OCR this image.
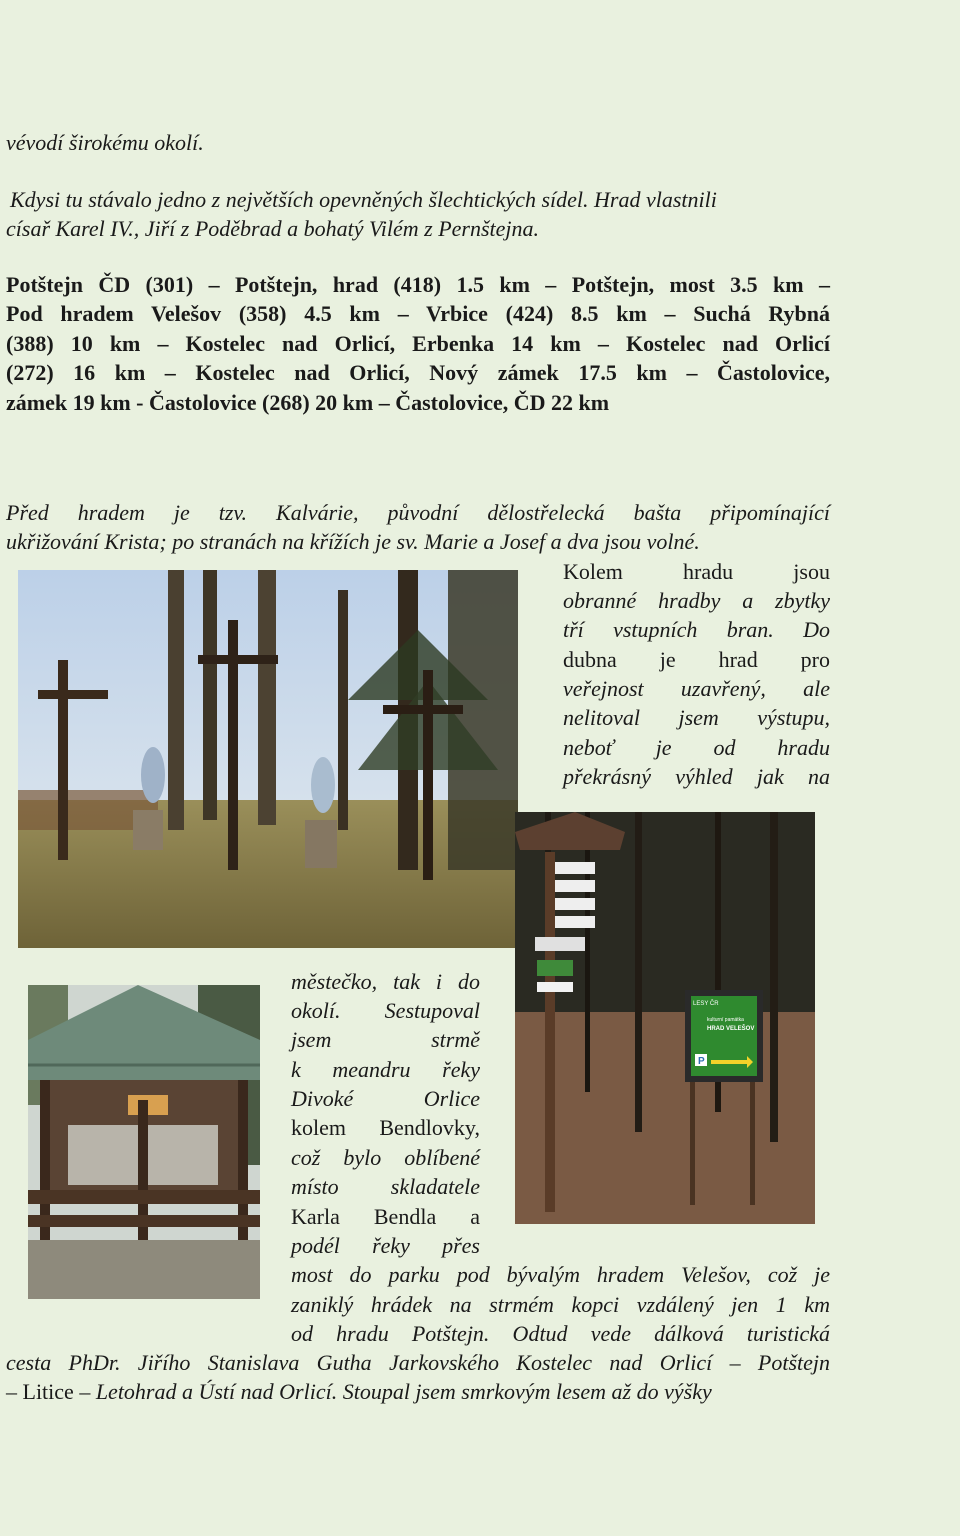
vévodí širokému okolí.
Kdysi tu stávalo jedno z největších opevněných šlechtických sídel. Hrad vlastnili
císař Karel IV., Jiří z Poděbrad a bohatý Vilém z Pernštejna.
Potštejn ČD (301) – Potštejn, hrad (418) 1.5 km – Potštejn, most 3.5 km –
Pod hradem Velešov (358) 4.5 km – Vrbice (424) 8.5 km – Suchá Rybná
(388) 10 km – Kostelec nad Orlicí, Erbenka 14 km – Kostelec nad Orlicí
(272) 16 km – Kostelec nad Orlicí, Nový zámek 17.5 km – Častolovice,
zámek 19 km - Častolovice (268) 20 km – Častolovice, ČD 22 km
Před hradem je tzv. Kalvárie, původní dělostřelecká bašta připomínající
ukřižování Krista; po stranách na křížích je sv. Marie a Josef a dva jsou volné.
Kolem hradu jsou
obranné hradby a zbytky
tří vstupních bran. Do
dubna je hrad pro
veřejnost uzavřený, ale
nelitoval jsem výstupu,
neboť je od hradu
překrásný výhled jak na
městečko, tak i do
okolí. Sestupoval
jsem strmě
k meandru řeky
Divoké Orlice
kolem Bendlovky,
což bylo oblíbené
místo skladatele
Karla Bendla a
podél řeky přes
most do parku pod bývalým hradem Velešov, což je
zaniklý hrádek na strmém kopci vzdálený jen 1 km
od hradu Potštejn. Odtud vede dálková turistická
cesta PhDr. Jiřího Stanislava Gutha Jarkovského Kostelec nad Orlicí – Potštejn
– Litice – Letohrad a Ústí nad Orlicí. Stoupal jsem smrkovým lesem až do výšky
LESY ČR
kulturní památka
HRAD VELEŠOV
P
